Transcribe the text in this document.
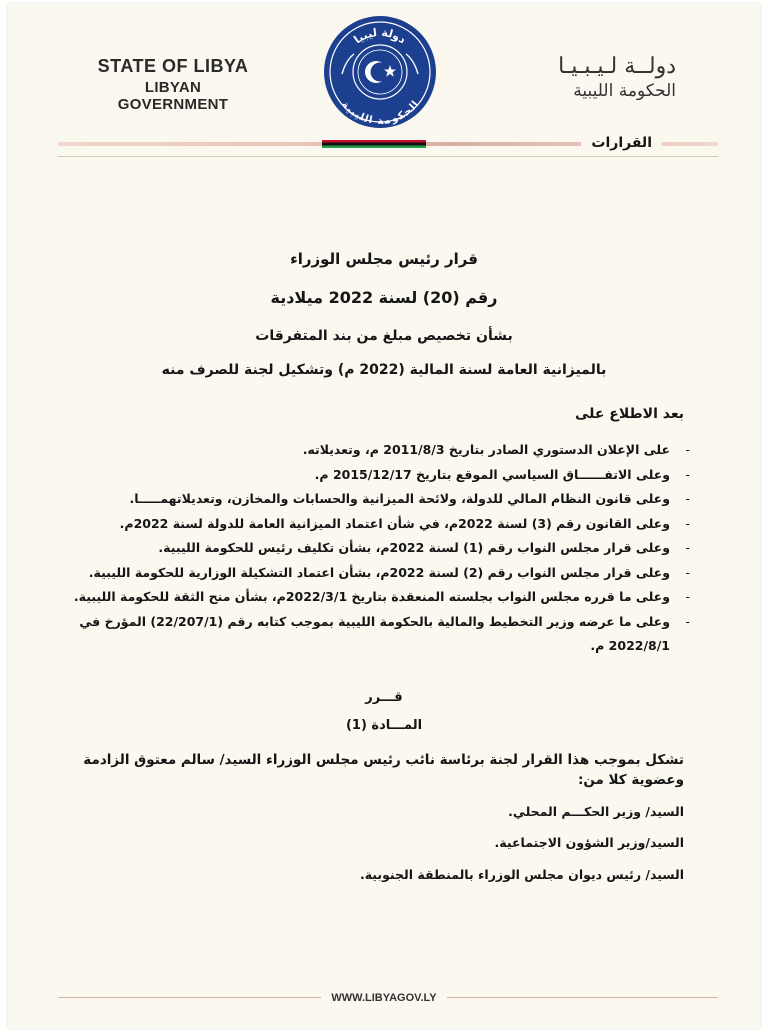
STATE OF LIBYA
LIBYAN GOVERNMENT
دولة ليبيا
الحكومة الليبية
دولــة لـيـبـيـا
الحكومة الليبية
القرارات
قرار رئيس مجلس الوزراء
رقم (20) لسنة 2022 ميلادية
بشأن تخصيص مبلغ من بند المتفرقات
بالميزانية العامة لسنة المالية (2022 م) وتشكيل لجنة للصرف منه
بعد الاطلاع على
-
على الإعلان الدستوري الصادر بتاريخ 2011/8/3 م، وتعديلاته.
-
وعلى الاتفــــــاق السياسي الموقع بتاريخ 2015/12/17 م.
-
وعلى قانون النظام المالي للدولة، ولائحة الميزانية والحسابات والمخازن، وتعديلاتهمـــــا.
-
وعلى القانون رقم (3) لسنة 2022م، في شأن اعتماد الميزانية العامة للدولة لسنة 2022م.
-
وعلى قرار مجلس النواب رقم (1) لسنة 2022م، بشأن تكليف رئيس للحكومة الليبية.
-
وعلى قرار مجلس النواب رقم (2) لسنة 2022م، بشأن اعتماد التشكيلة الوزارية للحكومة الليبية.
-
وعلى ما قرره مجلس النواب بجلسته المنعقدة بتاريخ 2022/3/1م، بشأن منح الثقة للحكومة الليبية.
-
وعلى ما عرضه وزير التخطيط والمالية بالحكومة الليبية بموجب كتابه رقم (22/207/1) المؤرخ في 2022/8/1 م.
قـــرر
المـــادة (1)
تشكل بموجب هذا القرار لجنة برئاسة نائب رئيس مجلس الوزراء السيد/ سالم معتوق الزادمة وعضوية كلا من:
السيد/ وزير الحكـــم المحلي.
السيد/وزير الشؤون الاجتماعية.
السيد/ رئيس ديوان مجلس الوزراء بالمنطقة الجنوبية.
WWW.LIBYAGOV.LY
